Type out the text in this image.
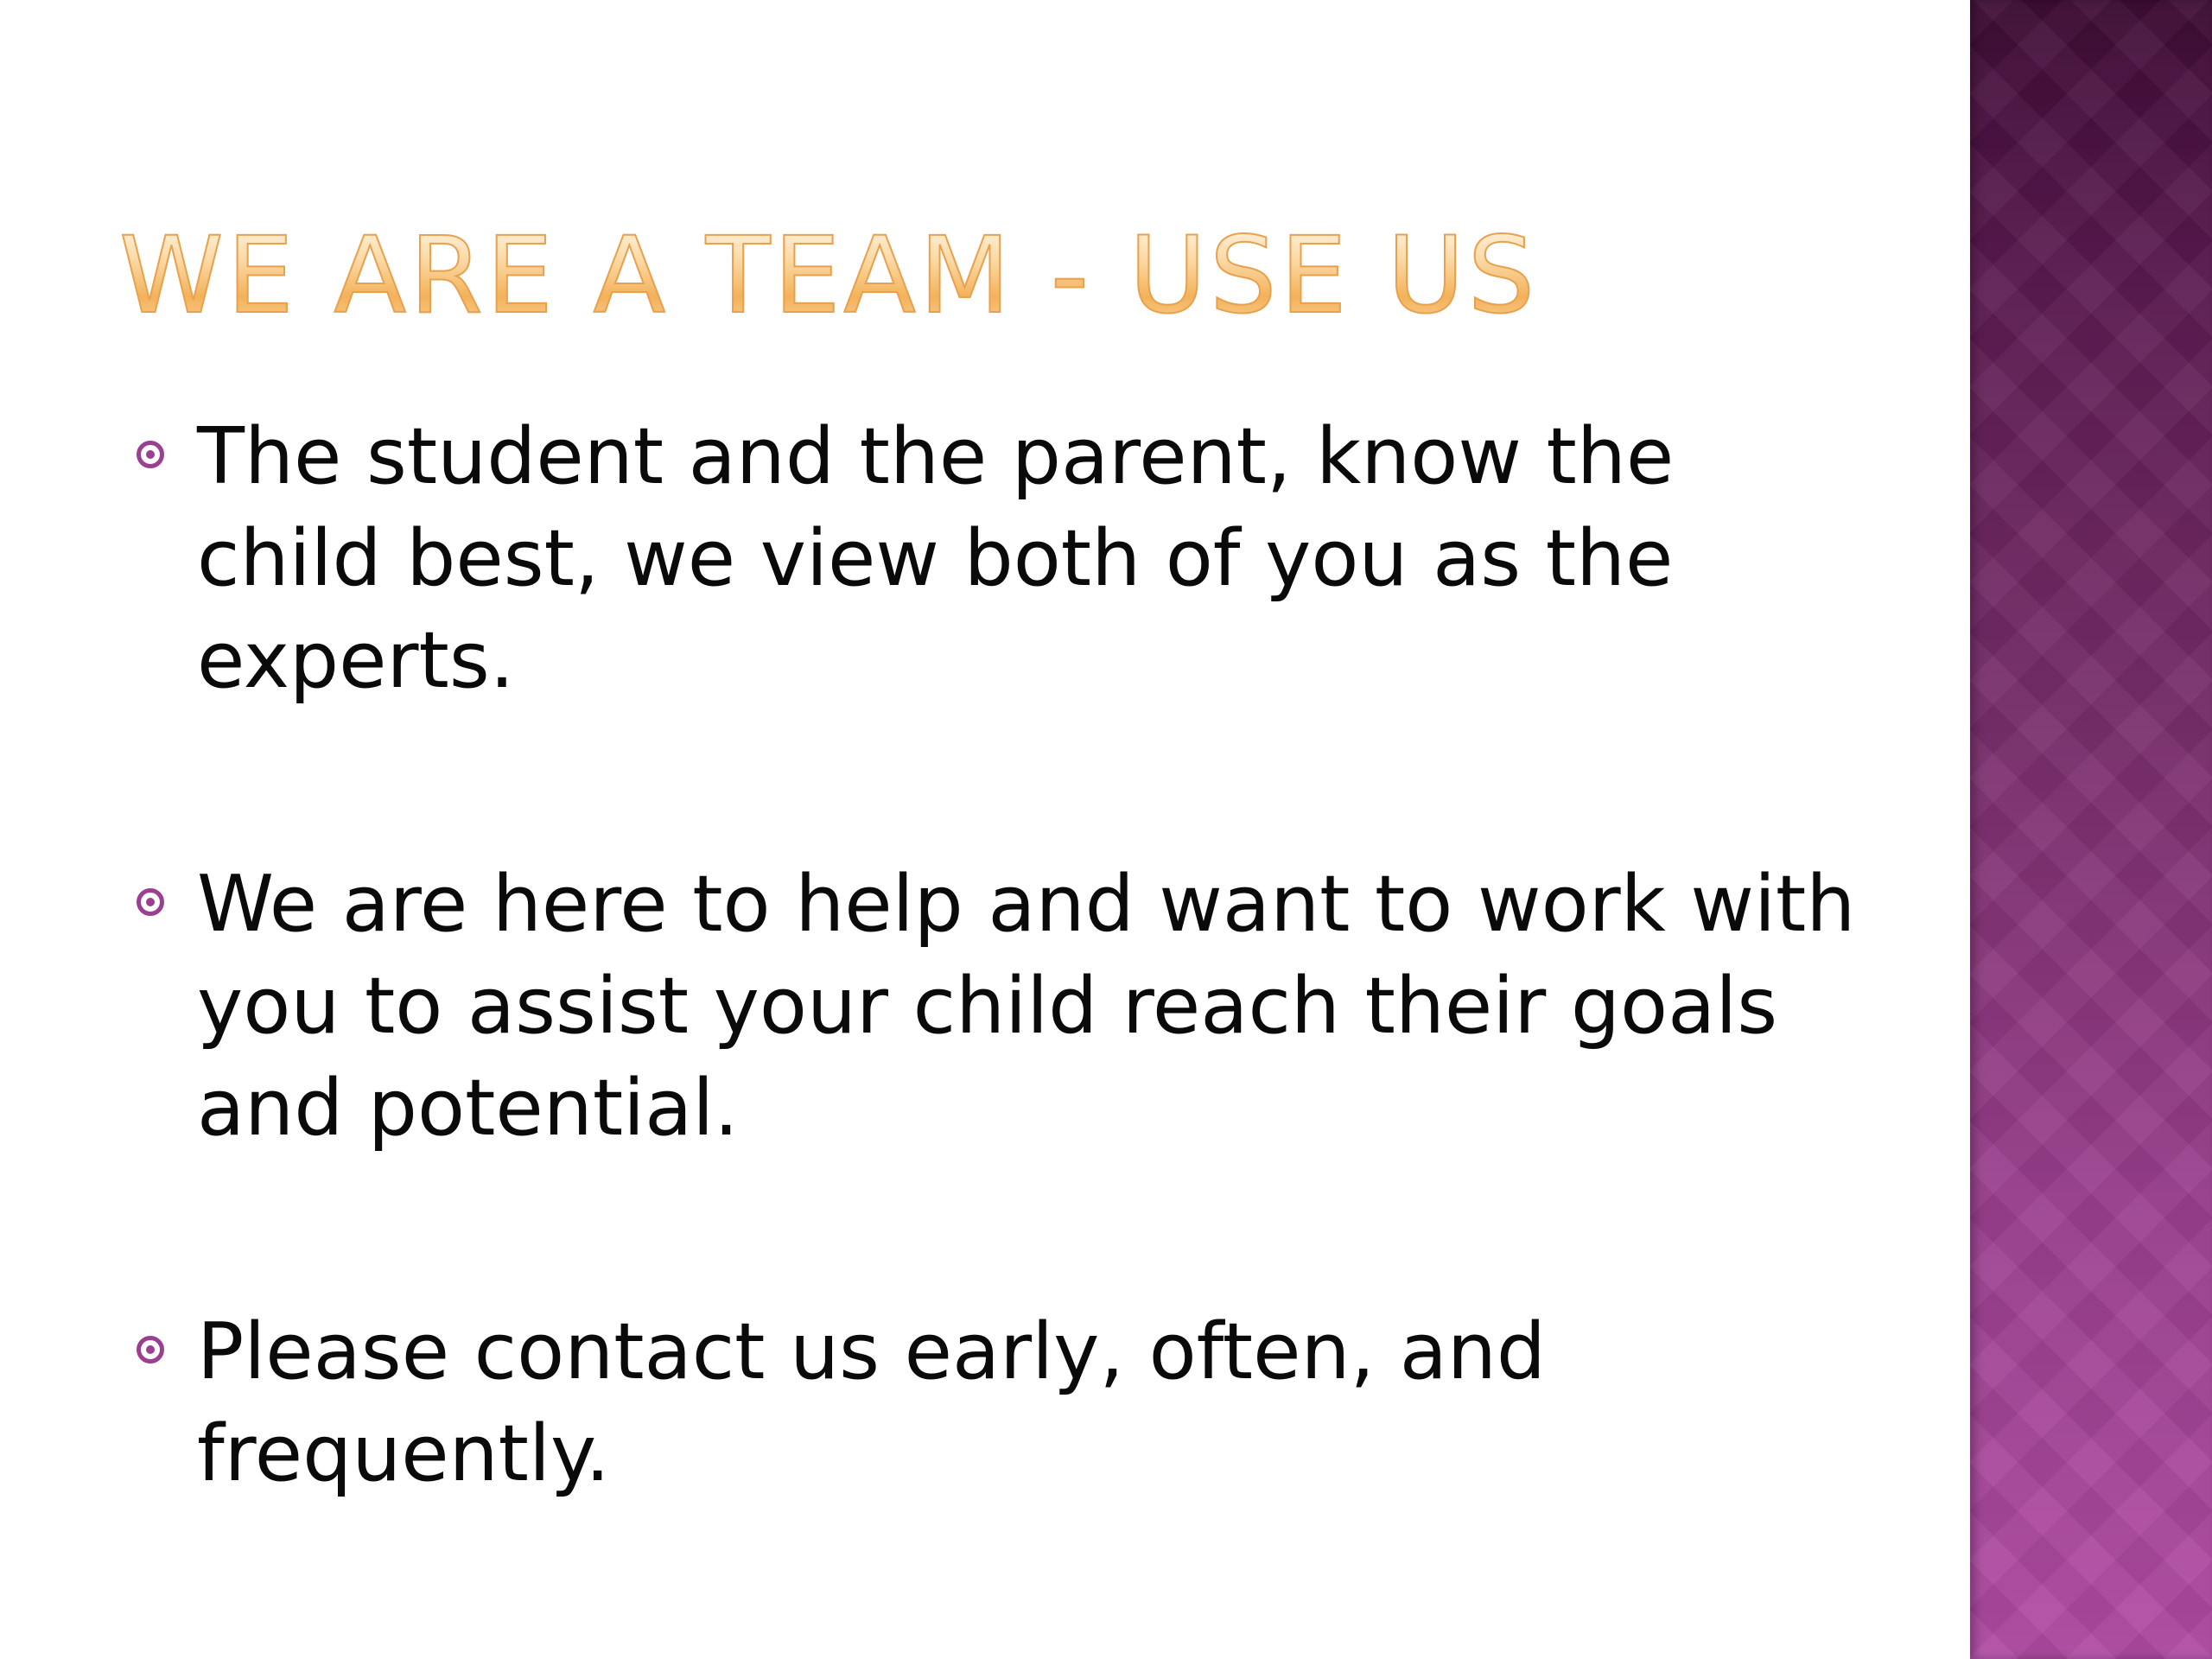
WE ARE A TEAM - USE US
The student and the parent, know the child best, we view both of you as the experts.
We are here to help and want to work with you to assist your child reach their goals and potential.
Please contact us early, often, and frequently.
